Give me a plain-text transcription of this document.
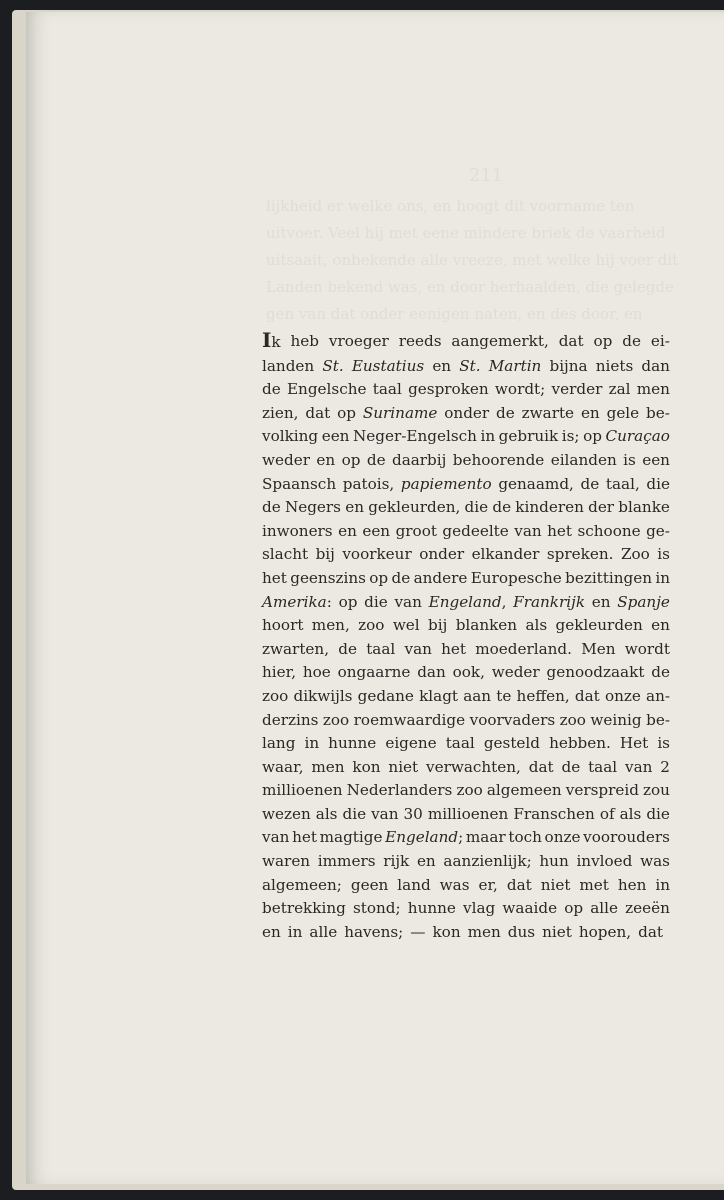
211
lijkheid er welke ons, en hoogt dit voorname ten
uitvoer. Veel hij met eene mindere briek de vaarheid
uitsaait, onbekende alle vreeze, met welke hij voer dit
Landen bekend was, en door herhaalden, die gelegde
gen van dat onder eenigen naten, en des door, en
Ik heb vroeger reeds aangemerkt, dat op de ei-
landen St. Eustatius en St. Martin bijna niets dan
de Engelsche taal gesproken wordt; verder zal men
zien, dat op Suriname onder de zwarte en gele be-
volking een Neger-Engelsch in gebruik is; op Curaçao
weder en op de daarbij behoorende eilanden is een
Spaansch patois, papiemento genaamd, de taal, die
de Negers en gekleurden, die de kinderen der blanke
inwoners en een groot gedeelte van het schoone ge-
slacht bij voorkeur onder elkander spreken. Zoo is
het geenszins op de andere Europesche bezittingen in
Amerika: op die van Engeland, Frankrijk en Spanje
hoort men, zoo wel bij blanken als gekleurden en
zwarten, de taal van het moederland. Men wordt
hier, hoe ongaarne dan ook, weder genoodzaakt de
zoo dikwijls gedane klagt aan te heffen, dat onze an-
derzins zoo roemwaardige voorvaders zoo weinig be-
lang in hunne eigene taal gesteld hebben. Het is
waar, men kon niet verwachten, dat de taal van 2
millioenen Nederlanders zoo algemeen verspreid zou
wezen als die van 30 millioenen Franschen of als die
van het magtige Engeland; maar toch onze voorouders
waren immers rijk en aanzienlijk; hun invloed was
algemeen; geen land was er, dat niet met hen in
betrekking stond; hunne vlag waaide op alle zeeën
en in alle havens; — kon men dus niet hopen, dat
